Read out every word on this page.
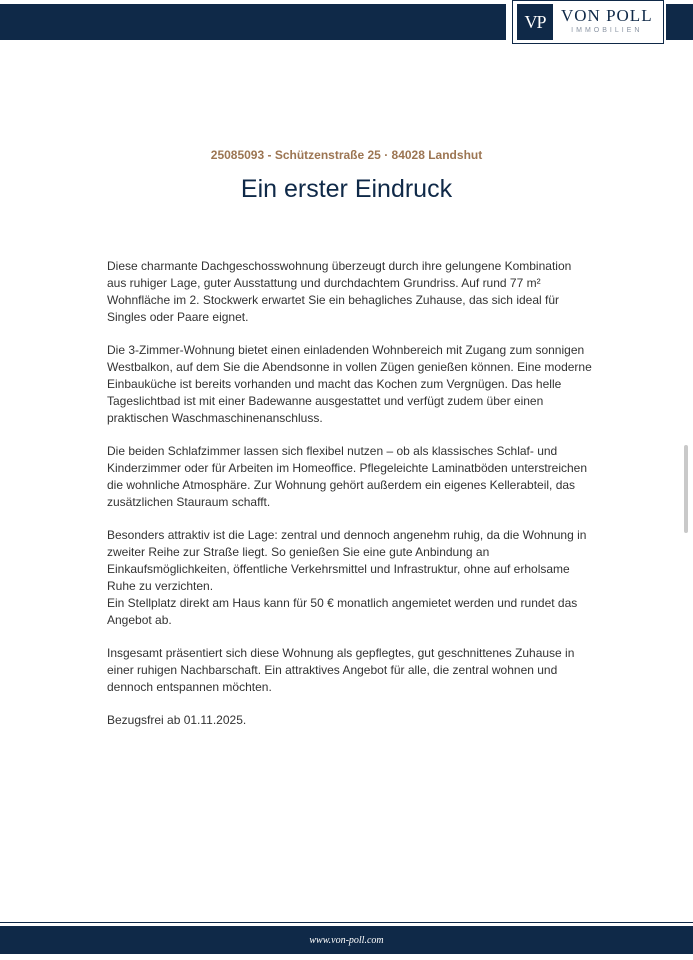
VP VON POLL
IMMOBILIEN
25085093 - Schützenstraße 25 · 84028 Landshut
Ein erster Eindruck

Diese charmante Dachgeschosswohnung überzeugt durch ihre gelungene Kombination aus ruhiger Lage, guter Ausstattung und durchdachtem Grundriss. Auf rund 77 m² Wohnfläche im 2. Stockwerk erwartet Sie ein behagliches Zuhause, das sich ideal für Singles oder Paare eignet.

Die 3-Zimmer-Wohnung bietet einen einladenden Wohnbereich mit Zugang zum sonnigen Westbalkon, auf dem Sie die Abendsonne in vollen Zügen genießen können. Eine moderne Einbauküche ist bereits vorhanden und macht das Kochen zum Vergnügen. Das helle Tageslichtbad ist mit einer Badewanne ausgestattet und verfügt zudem über einen praktischen Waschmaschinenanschluss.

Die beiden Schlafzimmer lassen sich flexibel nutzen – ob als klassisches Schlaf- und Kinderzimmer oder für Arbeiten im Homeoffice. Pflegeleichte Laminatböden unterstreichen die wohnliche Atmosphäre. Zur Wohnung gehört außerdem ein eigenes Kellerabteil, das zusätzlichen Stauraum schafft.

Besonders attraktiv ist die Lage: zentral und dennoch angenehm ruhig, da die Wohnung in zweiter Reihe zur Straße liegt. So genießen Sie eine gute Anbindung an Einkaufsmöglichkeiten, öffentliche Verkehrsmittel und Infrastruktur, ohne auf erholsame Ruhe zu verzichten.

Ein Stellplatz direkt am Haus kann für 50 € monatlich angemietet werden und rundet das Angebot ab.

Insgesamt präsentiert sich diese Wohnung als gepflegtes, gut geschnittenes Zuhause in einer ruhigen Nachbarschaft. Ein attraktives Angebot für alle, die zentral wohnen und dennoch entspannen möchten.

Bezugsfrei ab 01.11.2025.

www.von-poll.com
